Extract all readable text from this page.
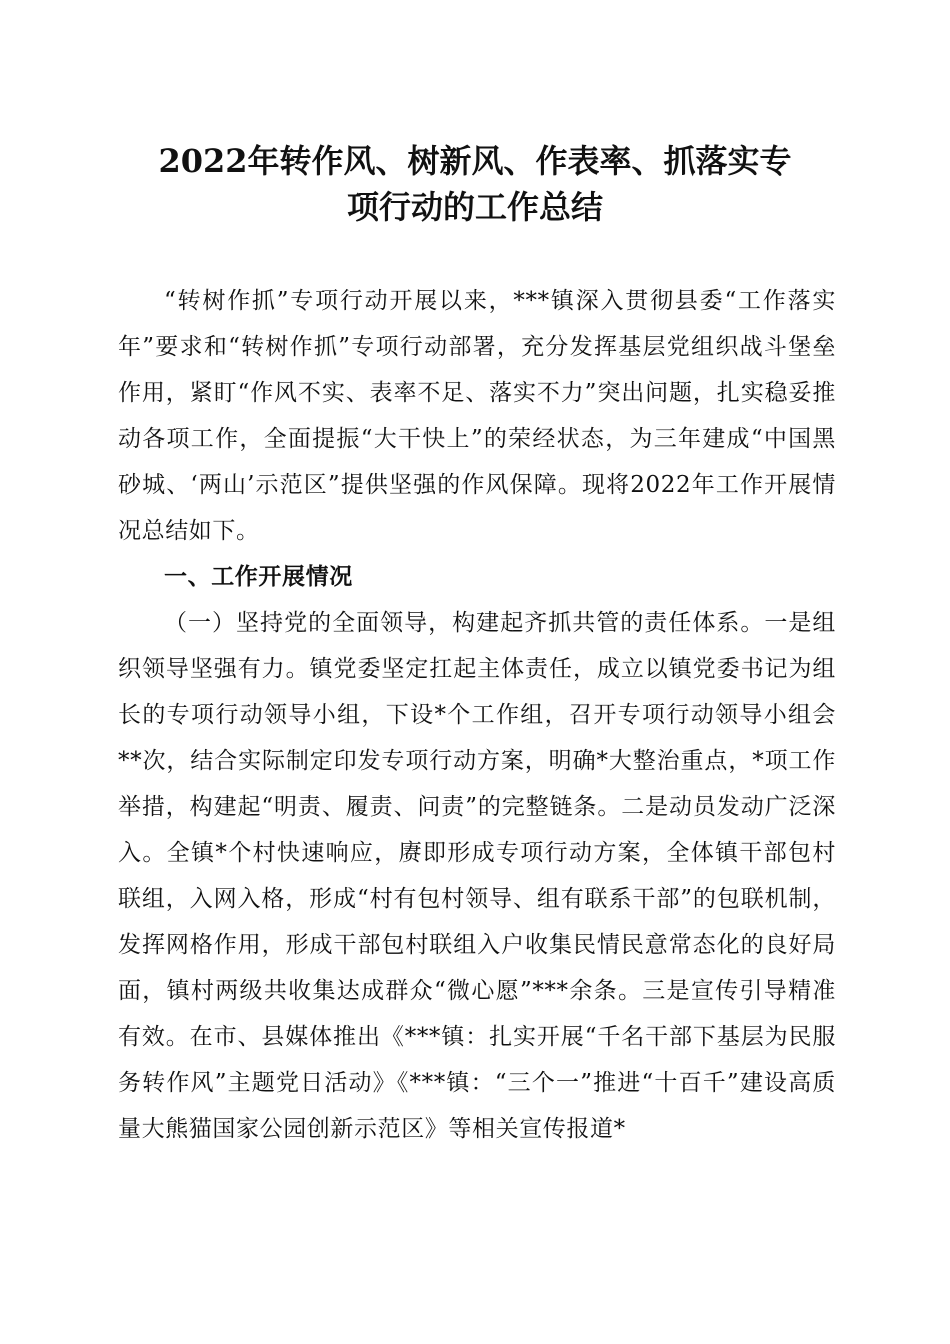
2022年转作风、树新风、作表率、抓落实专
项行动的工作总结

“转树作抓”专项行动开展以来，***镇深入贯彻县委“工作落实年”要求和“转树作抓”专项行动部署，充分发挥基层党组织战斗堡垒作用，紧盯“作风不实、表率不足、落实不力”突出问题，扎实稳妥推动各项工作，全面提振“大干快上”的荣经状态，为三年建成“中国黑砂城、‘两山’示范区”提供坚强的作风保障。现将2022年工作开展情况总结如下。

一、工作开展情况

（一）坚持党的全面领导，构建起齐抓共管的责任体系。一是组织领导坚强有力。镇党委坚定扛起主体责任，成立以镇党委书记为组长的专项行动领导小组，下设*个工作组，召开专项行动领导小组会**次，结合实际制定印发专项行动方案，明确*大整治重点，*项工作举措，构建起“明责、履责、问责”的完整链条。二是动员发动广泛深入。全镇*个村快速响应，赓即形成专项行动方案，全体镇干部包村联组，入网入格，形成“村有包村领导、组有联系干部”的包联机制，发挥网格作用，形成干部包村联组入户收集民情民意常态化的良好局面，镇村两级共收集达成群众“微心愿”***余条。三是宣传引导精准有效。在市、县媒体推出《***镇：扎实开展“千名干部下基层为民服务转作风”主题党日活动》《***镇：“三个一”推进“十百千”建设高质量大熊猫国家公园创新示范区》等相关宣传报道*
